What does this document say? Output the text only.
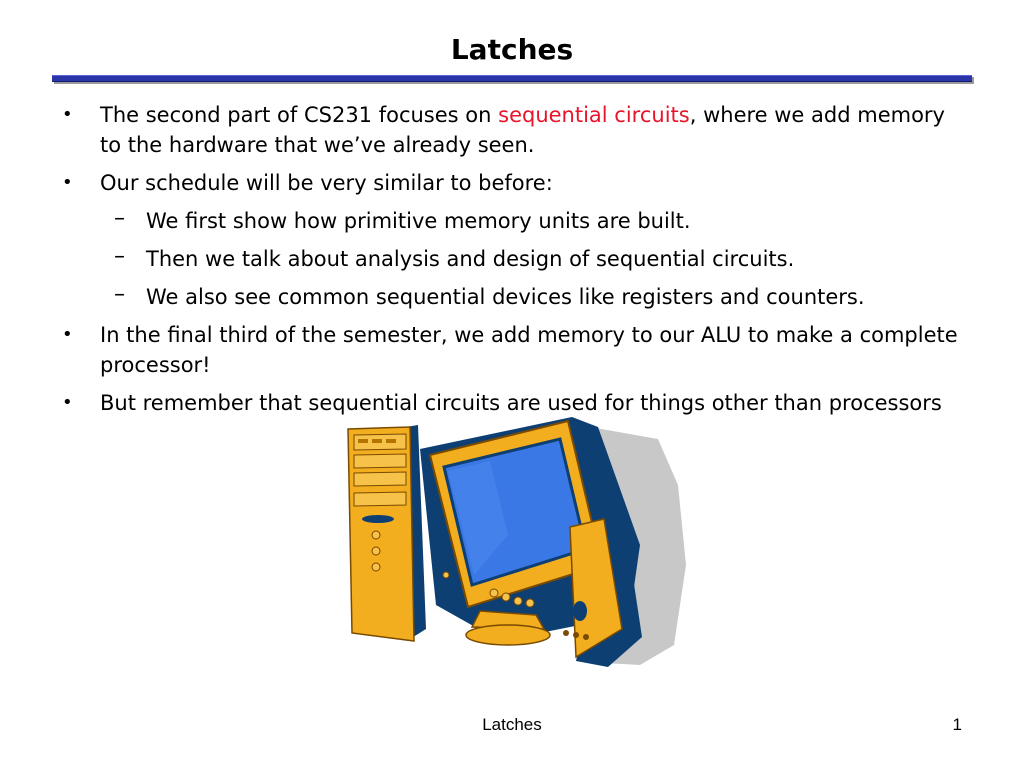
Latches
• The second part of CS231 focuses on sequential circuits, where we add memory to the hardware that we’ve already seen.
• Our schedule will be very similar to before:
– We first show how primitive memory units are built.
– Then we talk about analysis and design of sequential circuits.
– We also see common sequential devices like registers and counters.
• In the final third of the semester, we add memory to our ALU to make a complete processor!
• But remember that sequential circuits are used for things other than processors
Latches	1
